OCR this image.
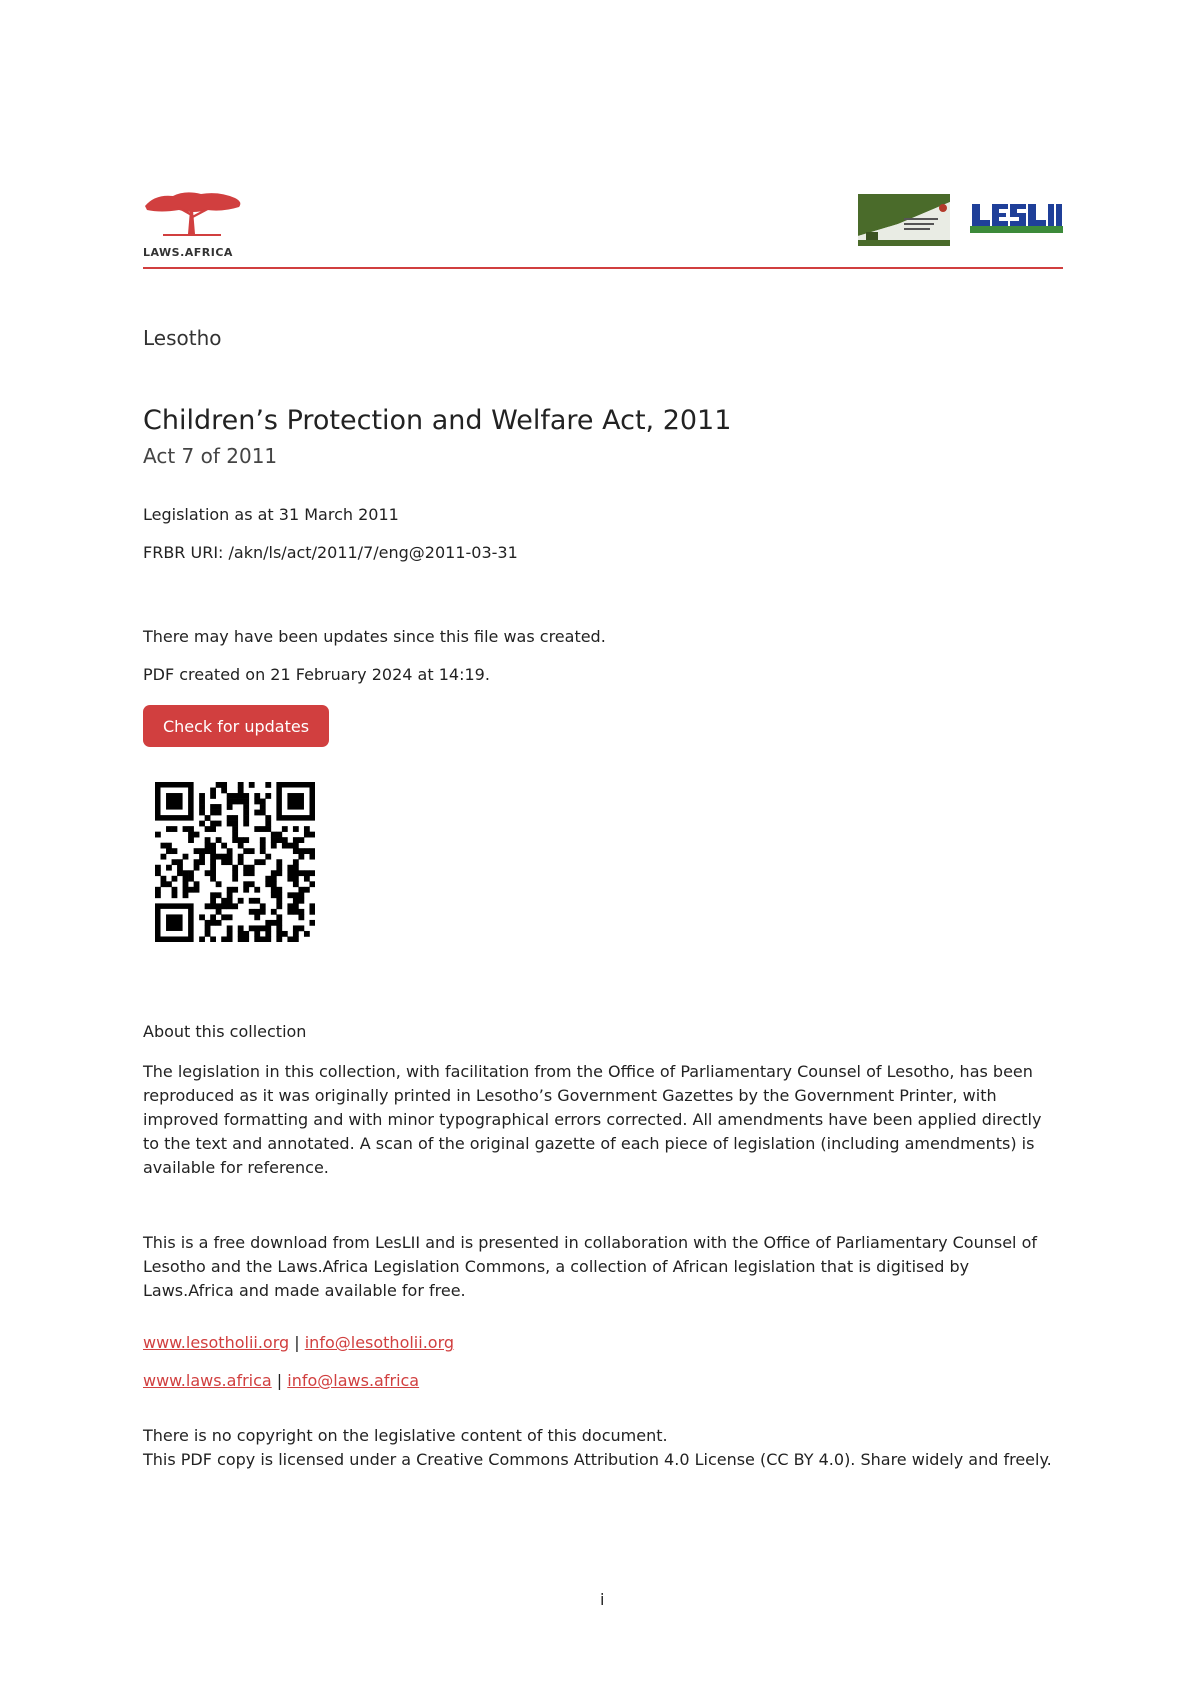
LAWS.AFRICA
Lesotho
Children’s Protection and Welfare Act, 2011
Act 7 of 2011
Legislation as at 31 March 2011
FRBR URI: /akn/ls/act/2011/7/eng@2011-03-31
There may have been updates since this file was created.
PDF created on 21 February 2024 at 14:19.
Check for updates
About this collection
The legislation in this collection, with facilitation from the Office of Parliamentary Counsel of Lesotho, has been reproduced as it was originally printed in Lesotho’s Government Gazettes by the Government Printer, with improved formatting and with minor typographical errors corrected. All amendments have been applied directly to the text and annotated. A scan of the original gazette of each piece of legislation (including amendments) is available for reference.
This is a free download from LesLII and is presented in collaboration with the Office of Parliamentary Counsel of Lesotho and the Laws.Africa Legislation Commons, a collection of African legislation that is digitised by Laws.Africa and made available for free.
www.lesotholii.org | info@lesotholii.org
www.laws.africa | info@laws.africa
There is no copyright on the legislative content of this document.
This PDF copy is licensed under a Creative Commons Attribution 4.0 License (CC BY 4.0). Share widely and freely.
i
